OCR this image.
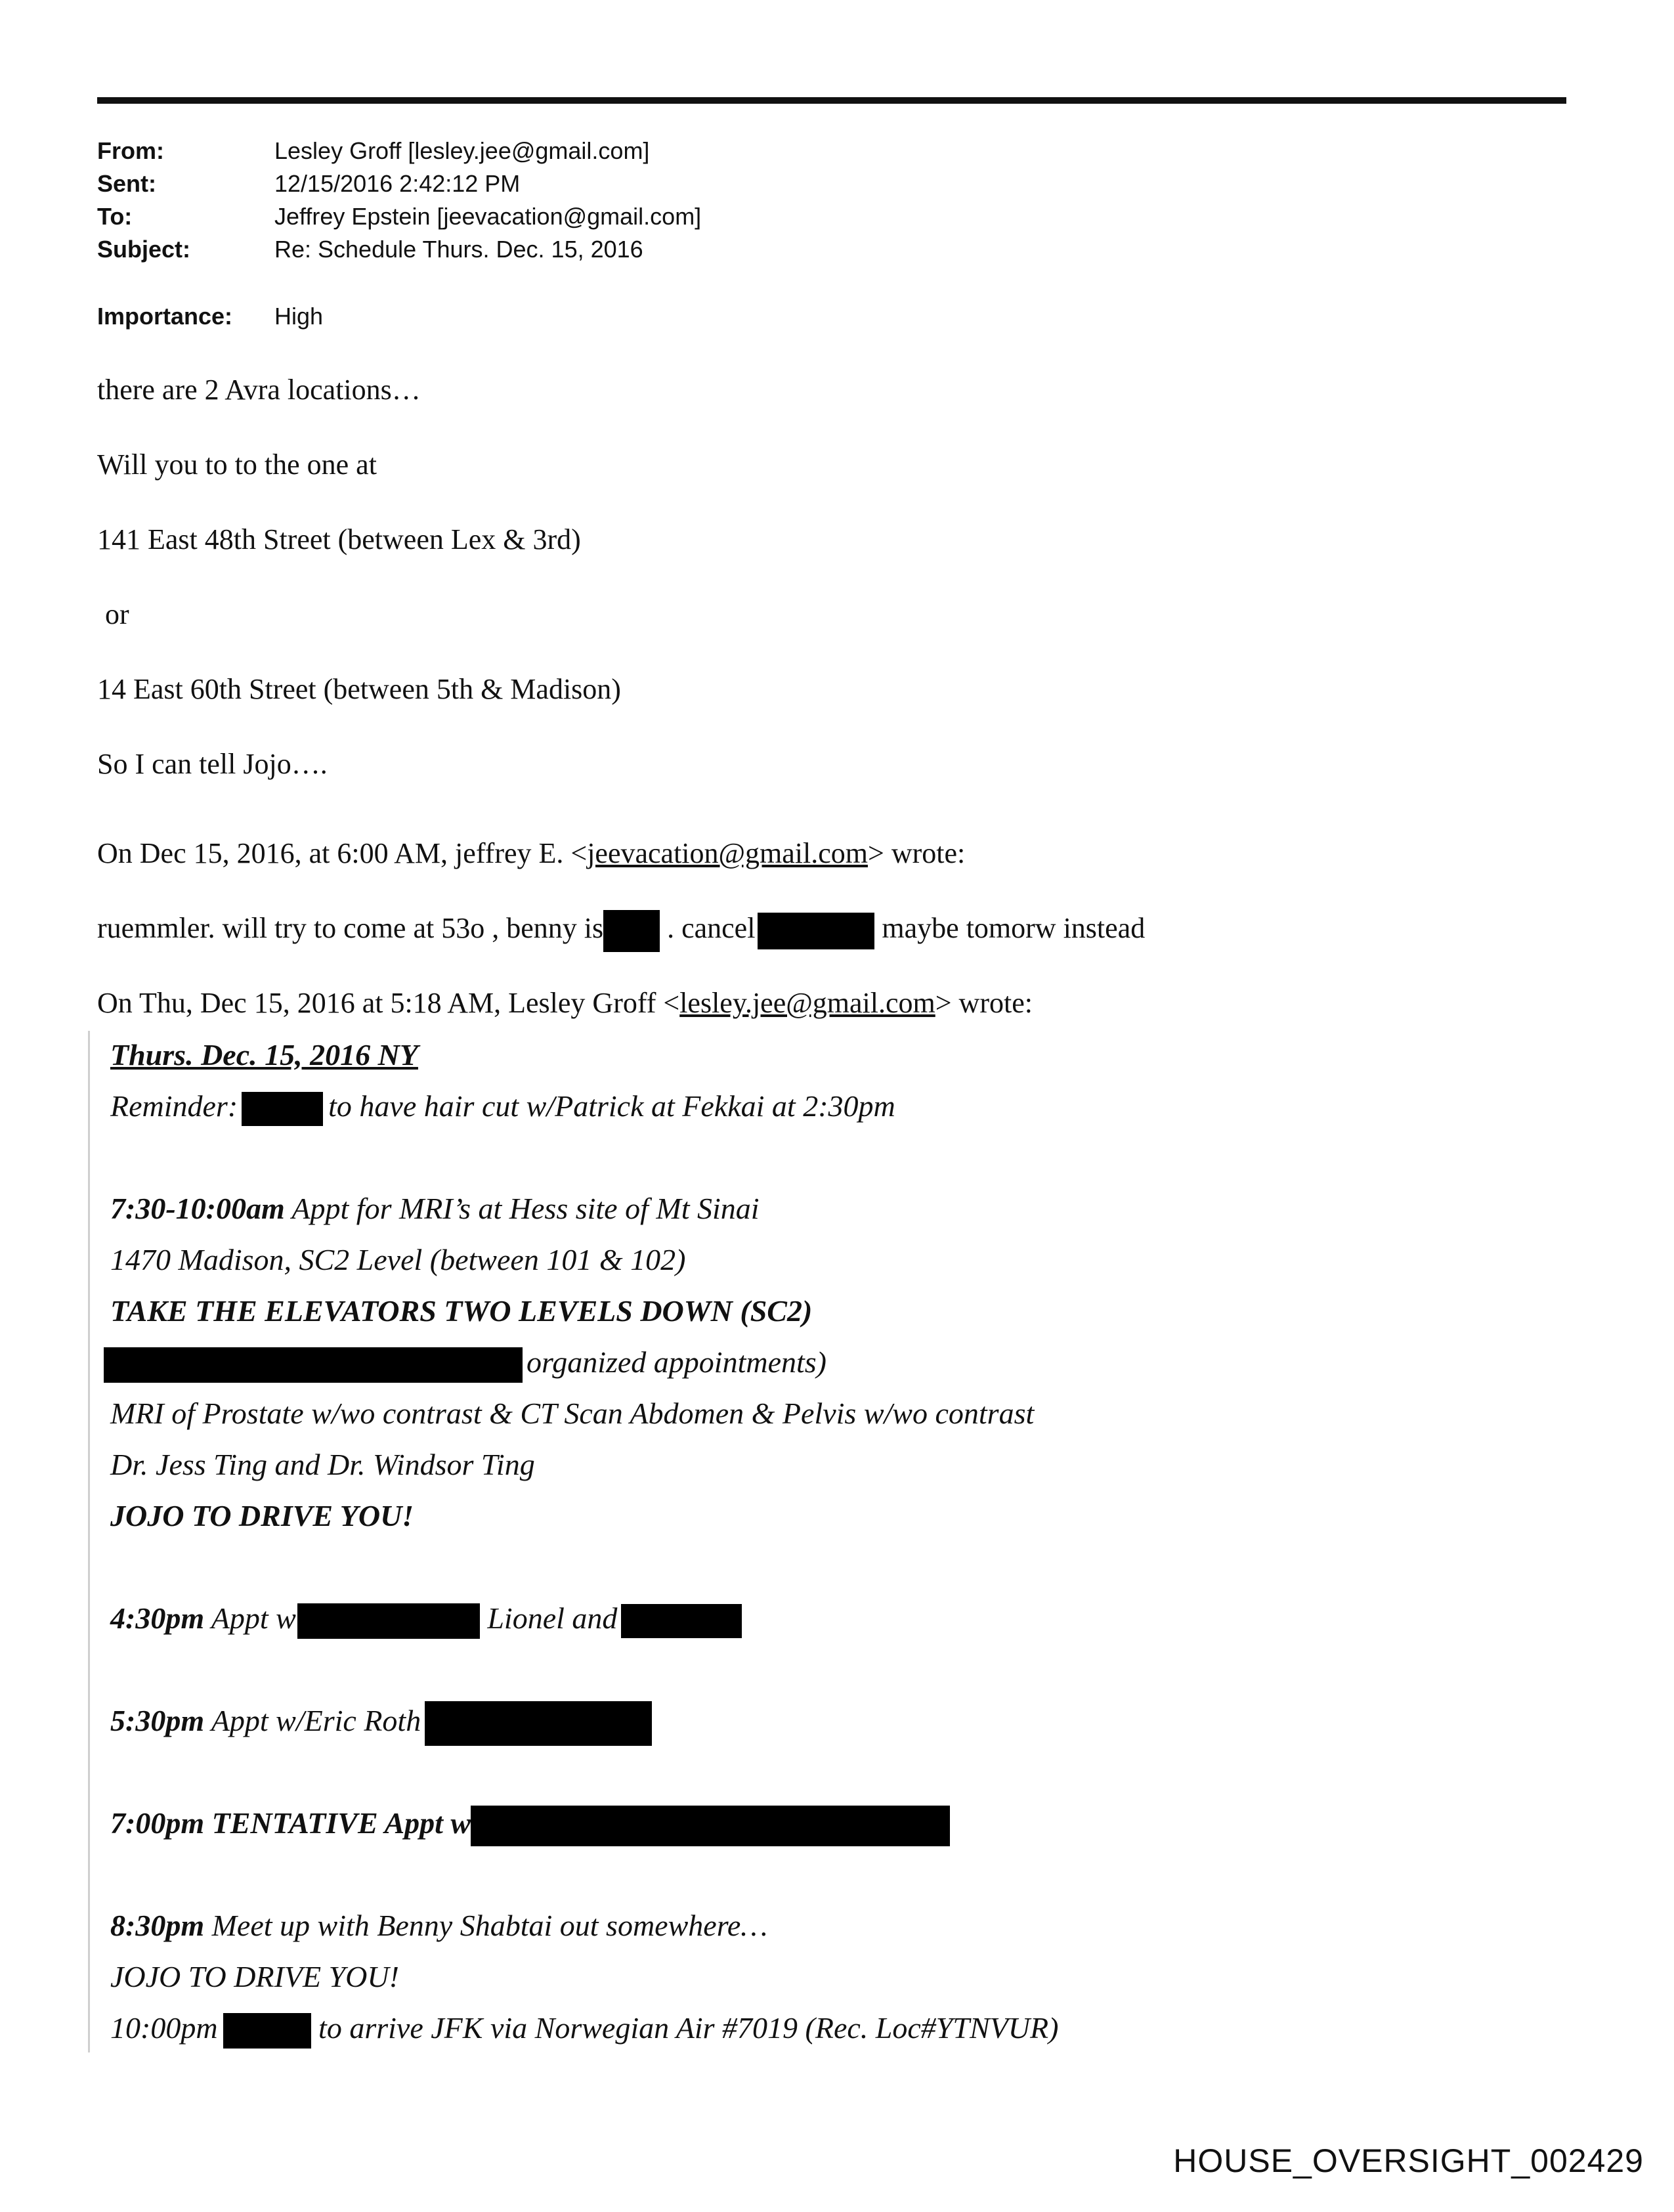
From:	Lesley Groff [lesley.jee@gmail.com]
Sent:	12/15/2016 2:42:12 PM
To:	Jeffrey Epstein [jeevacation@gmail.com]
Subject:	Re: Schedule Thurs. Dec. 15, 2016
Importance: High
there are 2 Avra locations…
Will you to to the one at
141 East 48th Street (between Lex & 3rd)
or
14 East 60th Street (between 5th & Madison)
So I can tell Jojo….
On Dec 15, 2016, at 6:00 AM, jeffrey E. <jeevacation@gmail.com> wrote:
ruemmler. will try to come at 53o , benny is . cancel	maybe tomorw instead
On Thu, Dec 15, 2016 at 5:18 AM, Lesley Groff <lesley.jee@gmail.com> wrote:
Thurs. Dec. 15, 2016 NY
Reminder:	to have hair cut w/Patrick at Fekkai at 2:30pm
7:30-10:00am Appt for MRI’s at Hess site of Mt Sinai
1470 Madison, SC2 Level (between 101 & 102)
TAKE THE ELEVATORS TWO LEVELS DOWN (SC2)
organized appointments)
MRI of Prostate w/wo contrast & CT Scan Abdomen & Pelvis w/wo contrast
Dr. Jess Ting and Dr. Windsor Ting
JOJO TO DRIVE YOU!
4:30pm Appt w	Lionel and
5:30pm Appt w/Eric Roth
7:00pm TENTATIVE Appt w
8:30pm Meet up with Benny Shabtai out somewhere…
JOJO TO DRIVE YOU!
10:00pm	to arrive JFK via Norwegian Air #7019 (Rec. Loc#YTNVUR)
HOUSE_OVERSIGHT_002429
